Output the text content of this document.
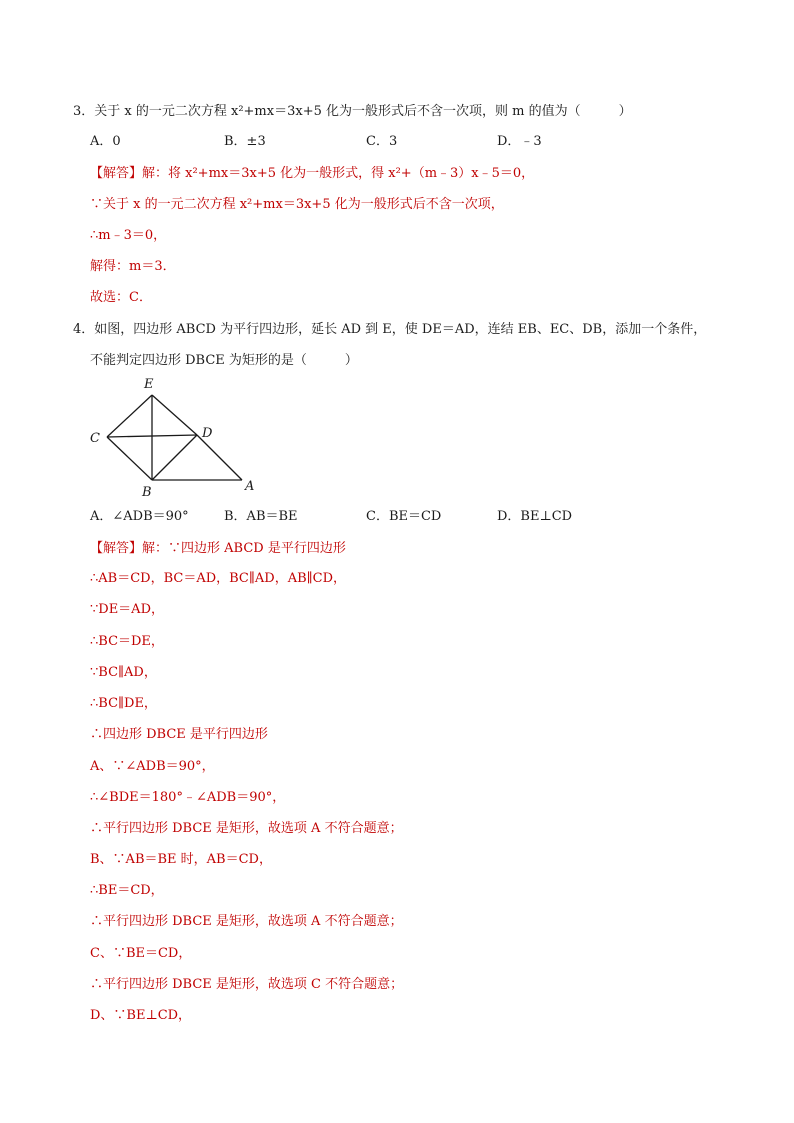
3．关于 x 的一元二次方程 x²+mx＝3x+5 化为一般形式后不含一次项，则 m 的值为（	）
A．0	B．±3	C．3	D．﹣3
【解答】解：将 x²+mx＝3x+5 化为一般形式，得 x²+（m﹣3）x﹣5＝0，
∵关于 x 的一元二次方程 x²+mx＝3x+5 化为一般形式后不含一次项，
∴m﹣3＝0，
解得：m＝3．
故选：C．
4．如图，四边形 ABCD 为平行四边形，延长 AD 到 E，使 DE＝AD，连结 EB、EC、DB，添加一个条件，
不能判定四边形 DBCE 为矩形的是（	）
E
C	D
B	A
A．∠ADB＝90°	B．AB＝BE	C．BE＝CD	D．BE⊥CD
【解答】解：∵四边形 ABCD 是平行四边形
∴AB＝CD，BC＝AD，BC∥AD，AB∥CD，
∵DE＝AD，
∴BC＝DE，
∵BC∥AD，
∴BC∥DE，
∴四边形 DBCE 是平行四边形
A、∵∠ADB＝90°，
∴∠BDE＝180°﹣∠ADB＝90°，
∴平行四边形 DBCE 是矩形，故选项 A 不符合题意；
B、∵AB＝BE 时，AB＝CD，
∴BE＝CD，
∴平行四边形 DBCE 是矩形，故选项 A 不符合题意；
C、∵BE＝CD，
∴平行四边形 DBCE 是矩形，故选项 C 不符合题意；
D、∵BE⊥CD，
